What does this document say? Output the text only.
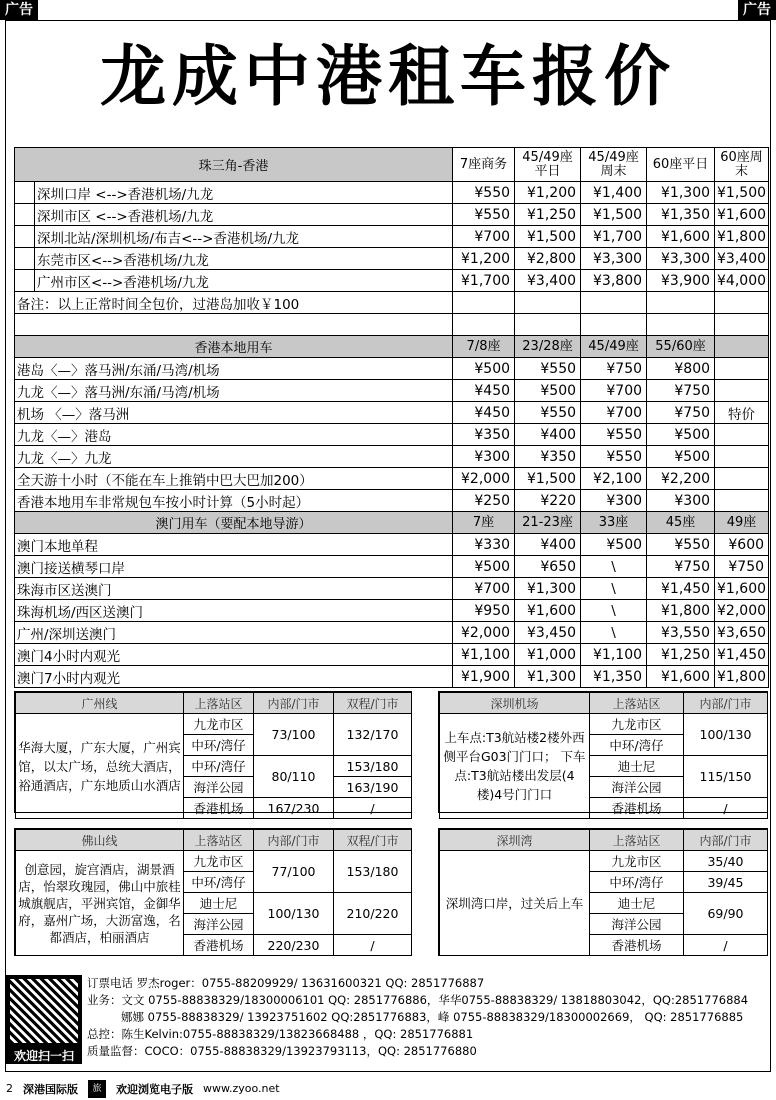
广告	广告
龙成中港租车报价
珠三角-香港		7座商务	45/49座平日	45/49座周末	60座平日	60座周末
	深圳口岸 <-->香港机场/九龙	¥550	¥1,200	¥1,400	¥1,300	¥1,500
	深圳市区 <-->香港机场/九龙	¥550	¥1,250	¥1,500	¥1,350	¥1,600
	深圳北站/深圳机场/布吉<-->香港机场/九龙	¥700	¥1,500	¥1,700	¥1,600	¥1,800
	东莞市区<-->香港机场/九龙	¥1,200	¥2,800	¥3,300	¥3,300	¥3,400
	广州市区<-->香港机场/九龙	¥1,700	¥3,400	¥3,800	¥3,900	¥4,000
备注：以上正常时间全包价，过港岛加收￥100						

香港本地用车		7/8座	23/28座	45/49座	55/60座	
港岛〈—〉落马洲/东涌/马湾/机场		¥500	¥550	¥750	¥800	
九龙〈—〉落马洲/东涌/马湾/机场		¥450	¥500	¥700	¥750	
机场 〈—〉落马洲		¥450	¥550	¥700	¥750	特价
九龙〈—〉港岛		¥350	¥400	¥550	¥500	
九龙〈—〉九龙		¥300	¥350	¥550	¥500	
全天游十小时（不能在车上推销中巴大巴加200）		¥2,000	¥1,500	¥2,100	¥2,200	
香港本地用车非常规包车按小时计算（5小时起）		¥250	¥220	¥300	¥300	
澳门用车（要配本地导游）		7座	21-23座	33座	45座	49座
澳门本地单程		¥330	¥400	¥500	¥550	¥600
澳门接送横琴口岸		¥500	¥650	\	¥750	¥750
珠海市区送澳门		¥700	¥1,300	\	¥1,450	¥1,600
珠海机场/西区送澳门		¥950	¥1,600	\	¥1,800	¥2,000
广州/深圳送澳门		¥2,000	¥3,450	\	¥3,550	¥3,650
澳门4小时内观光		¥1,100	¥1,000	¥1,100	¥1,250	¥1,450
澳门7小时内观光		¥1,900	¥1,300	¥1,350	¥1,600	¥1,800
广州线	上落站区	内部/门市	双程/门市
华海大厦，广东大厦，广州宾馆，以太广场，总统大酒店，裕通酒店，广东地质山水酒店	九龙市区	73/100	132/170
	中环/湾仔		
	中环/湾仔	80/110	153/180
	海洋公园		163/190
	香港机场	167/230	/
深圳机场	上落站区	内部/门市
上车点:T3航站楼2楼外西侧平台G03门门口； 下车点:T3航站楼出发层(4楼)4号门门口	九龙市区	100/130
	中环/湾仔	
	迪士尼	115/150
	海洋公园	
	香港机场	/
佛山线	上落站区	内部/门市	双程/门市
创意园，旋宫酒店，湖景酒店，怡翠玫瑰园，佛山中旅桂城旗舰店，平洲宾馆，金御华府，嘉州广场，大沥富逸，名都酒店，柏丽酒店	九龙市区	77/100	153/180
	中环/湾仔		
	迪士尼	100/130	210/220
	海洋公园		
	香港机场	220/230	/
深圳湾	上落站区	内部/门市
深圳湾口岸，过关后上车	九龙市区	35/40
	中环/湾仔	39/45
	迪士尼	69/90
	海洋公园	
	香港机场	/
欢迎扫一扫
订票电话 罗杰roger：0755-88209929/ 13631600321 QQ: 2851776887
业务：文文 0755-88838329/18300006101 QQ: 2851776886，华华0755-88838329/ 13818803042，QQ:2851776884
娜娜 0755-88838329/ 13923751602 QQ:2851776883，峰 0755-88838329/18300002669， QQ: 2851776885
总控：陈生Kelvin:0755-88838329/13823668488 ，QQ: 2851776881
质量监督：COCO：0755-88838329/13923793113，QQ: 2851776880
2 深港国际版	旅	欢迎浏览电子版 www.zyoo.net
